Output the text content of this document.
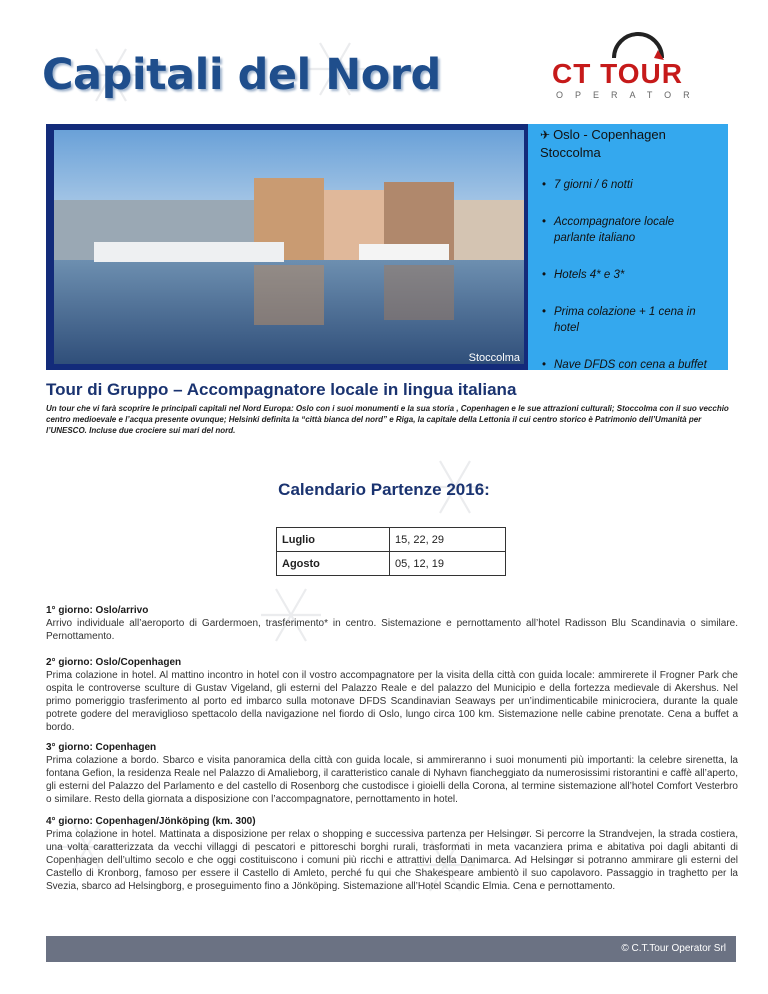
Capitali del Nord	CT TOUR
OPERATOR
Stoccolma
✈ Oslo - Copenhagen
Stoccolma
• 7 giorni / 6 notti
• Accompagnatore locale parlante italiano
• Hotels 4* e 3*
• Prima colazione + 1 cena in hotel
• Nave DFDS con cena a buffet
Tour di Gruppo – Accompagnatore locale in lingua italiana

Un tour che vi farà scoprire le principali capitali nel Nord Europa: Oslo con i suoi monumenti e la sua storia , Copenhagen e le sue attrazioni culturali; Stoccolma con il suo vecchio centro medioevale e l’acqua presente ovunque; Helsinki definita la “città bianca del nord” e Riga, la capitale della Lettonia il cui centro storico è Patrimonio dell’Umanità per l’UNESCO. Incluse due crociere sui mari del nord.

Calendario Partenze 2016:
Luglio	15, 22, 29
Agosto	05, 12, 19
1° giorno: Oslo/arrivo
Arrivo individuale all’aeroporto di Gardermoen, trasferimento* in centro. Sistemazione e pernottamento all’hotel Radisson Blu Scandinavia o similare. Pernottamento.
2° giorno: Oslo/Copenhagen
Prima colazione in hotel. Al mattino incontro in hotel con il vostro accompagnatore per la visita della città con guida locale: ammirerete il Frogner Park che ospita le controverse sculture di Gustav Vigeland, gli esterni del Palazzo Reale e del palazzo del Municipio e della fortezza medievale di Akershus. Nel primo pomeriggio trasferimento al porto ed imbarco sulla motonave DFDS Scandinavian Seaways per un’indimenticabile minicrociera, durante la quale potrete godere del meraviglioso spettacolo della navigazione nel fiordo di Oslo, lungo circa 100 km. Sistemazione nelle cabine prenotate. Cena a buffet a bordo.
3° giorno: Copenhagen
Prima colazione a bordo. Sbarco e visita panoramica della città con guida locale, si ammireranno i suoi monumenti più importanti: la celebre sirenetta, la fontana Gefion, la residenza Reale nel Palazzo di Amalieborg, il caratteristico canale di Nyhavn fiancheggiato da numerosissimi ristorantini e caffè all’aperto, gli esterni del Palazzo del Parlamento e del castello di Rosenborg che custodisce i gioielli della Corona, al termine sistemazione all’hotel Comfort Vesterbro o similare. Resto della giornata a disposizione con l’accompagnatore, pernottamento in hotel.
4° giorno: Copenhagen/Jönköping (km. 300)
Prima colazione in hotel. Mattinata a disposizione per relax o shopping e successiva partenza per Helsingør. Si percorre la Strandvejen, la strada costiera, una volta caratterizzata da vecchi villaggi di pescatori e pittoreschi borghi rurali, trasformati in meta vacanziera prima e abitativa poi dagli abitanti di Copenhagen dell’ultimo secolo e che oggi costituiscono i comuni più ricchi e attrattivi della Danimarca. Ad Helsingør si potranno ammirare gli esterni del Castello di Kronborg, famoso per essere il Castello di Amleto, perché fu qui che Shakespeare ambientò il suo capolavoro. Passaggio in traghetto per la Svezia, sbarco ad Helsingborg, e proseguimento fino a Jönköping. Sistemazione all’Hotel Scandic Elmia. Cena e pernottamento.
© C.T.Tour Operator Srl
